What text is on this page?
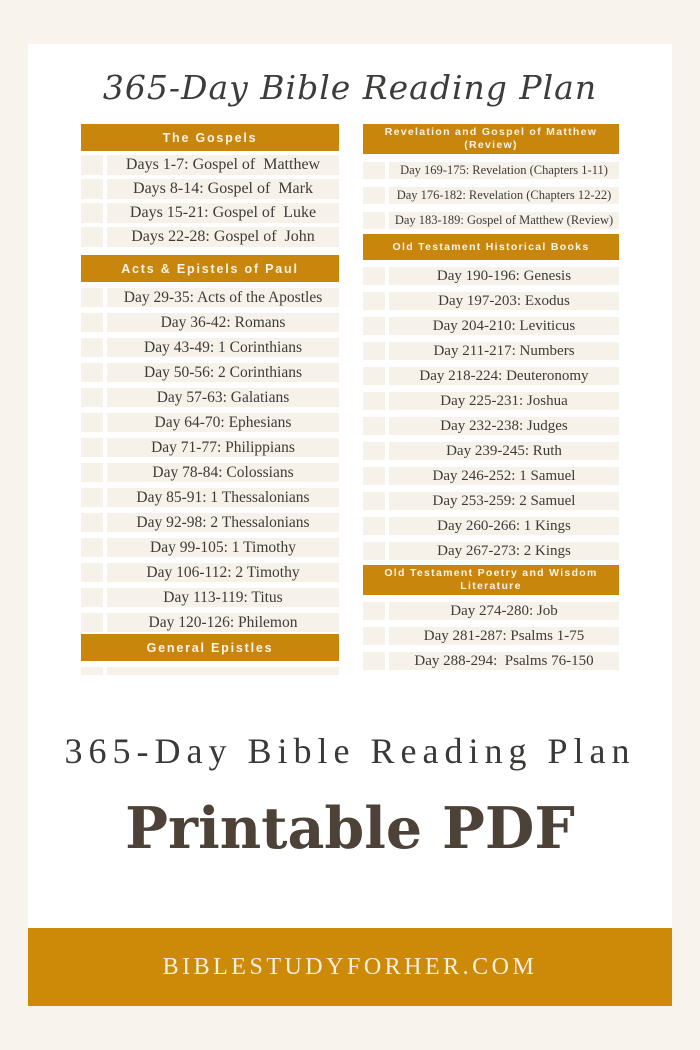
365-Day Bible Reading Plan
The Gospels
Days 1-7: Gospel of  Matthew
Days 8-14: Gospel of  Mark
Days 15-21: Gospel of  Luke
Days 22-28: Gospel of  John
Acts & Epistels of Paul
Day 29-35: Acts of the Apostles
Day 36-42: Romans
Day 43-49: 1 Corinthians
Day 50-56: 2 Corinthians
Day 57-63: Galatians
Day 64-70: Ephesians
Day 71-77: Philippians
Day 78-84: Colossians
Day 85-91: 1 Thessalonians
Day 92-98: 2 Thessalonians
Day 99-105: 1 Timothy
Day 106-112: 2 Timothy
Day 113-119: Titus
Day 120-126: Philemon
General Epistles
Revelation and Gospel of Matthew (Review)
Day 169-175: Revelation (Chapters 1-11)
Day 176-182: Revelation (Chapters 12-22)
Day 183-189: Gospel of Matthew (Review)
Old Testament Historical Books
Day 190-196: Genesis
Day 197-203: Exodus
Day 204-210: Leviticus
Day 211-217: Numbers
Day 218-224: Deuteronomy
Day 225-231: Joshua
Day 232-238: Judges
Day 239-245: Ruth
Day 246-252: 1 Samuel
Day 253-259: 2 Samuel
Day 260-266: 1 Kings
Day 267-273: 2 Kings
Old Testament Poetry and Wisdom Literature
Day 274-280: Job
Day 281-287: Psalms 1-75
Day 288-294:  Psalms 76-150
365-Day Bible Reading Plan
Printable PDF
BIBLESTUDYFORHER.COM
